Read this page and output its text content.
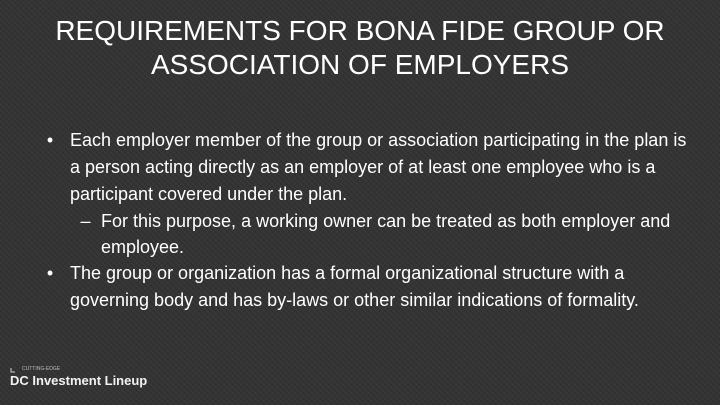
REQUIREMENTS FOR BONA FIDE GROUP OR ASSOCIATION OF EMPLOYERS
• Each employer member of the group or association participating in the plan is a person acting directly as an employer of at least one employee who is a participant covered under the plan.
– For this purpose, a working owner can be treated as both employer and employee.
• The group or organization has a formal organizational structure with a governing body and has by-laws or other similar indications of formality.
CUTTING-EDGE
DC Investment Lineup
